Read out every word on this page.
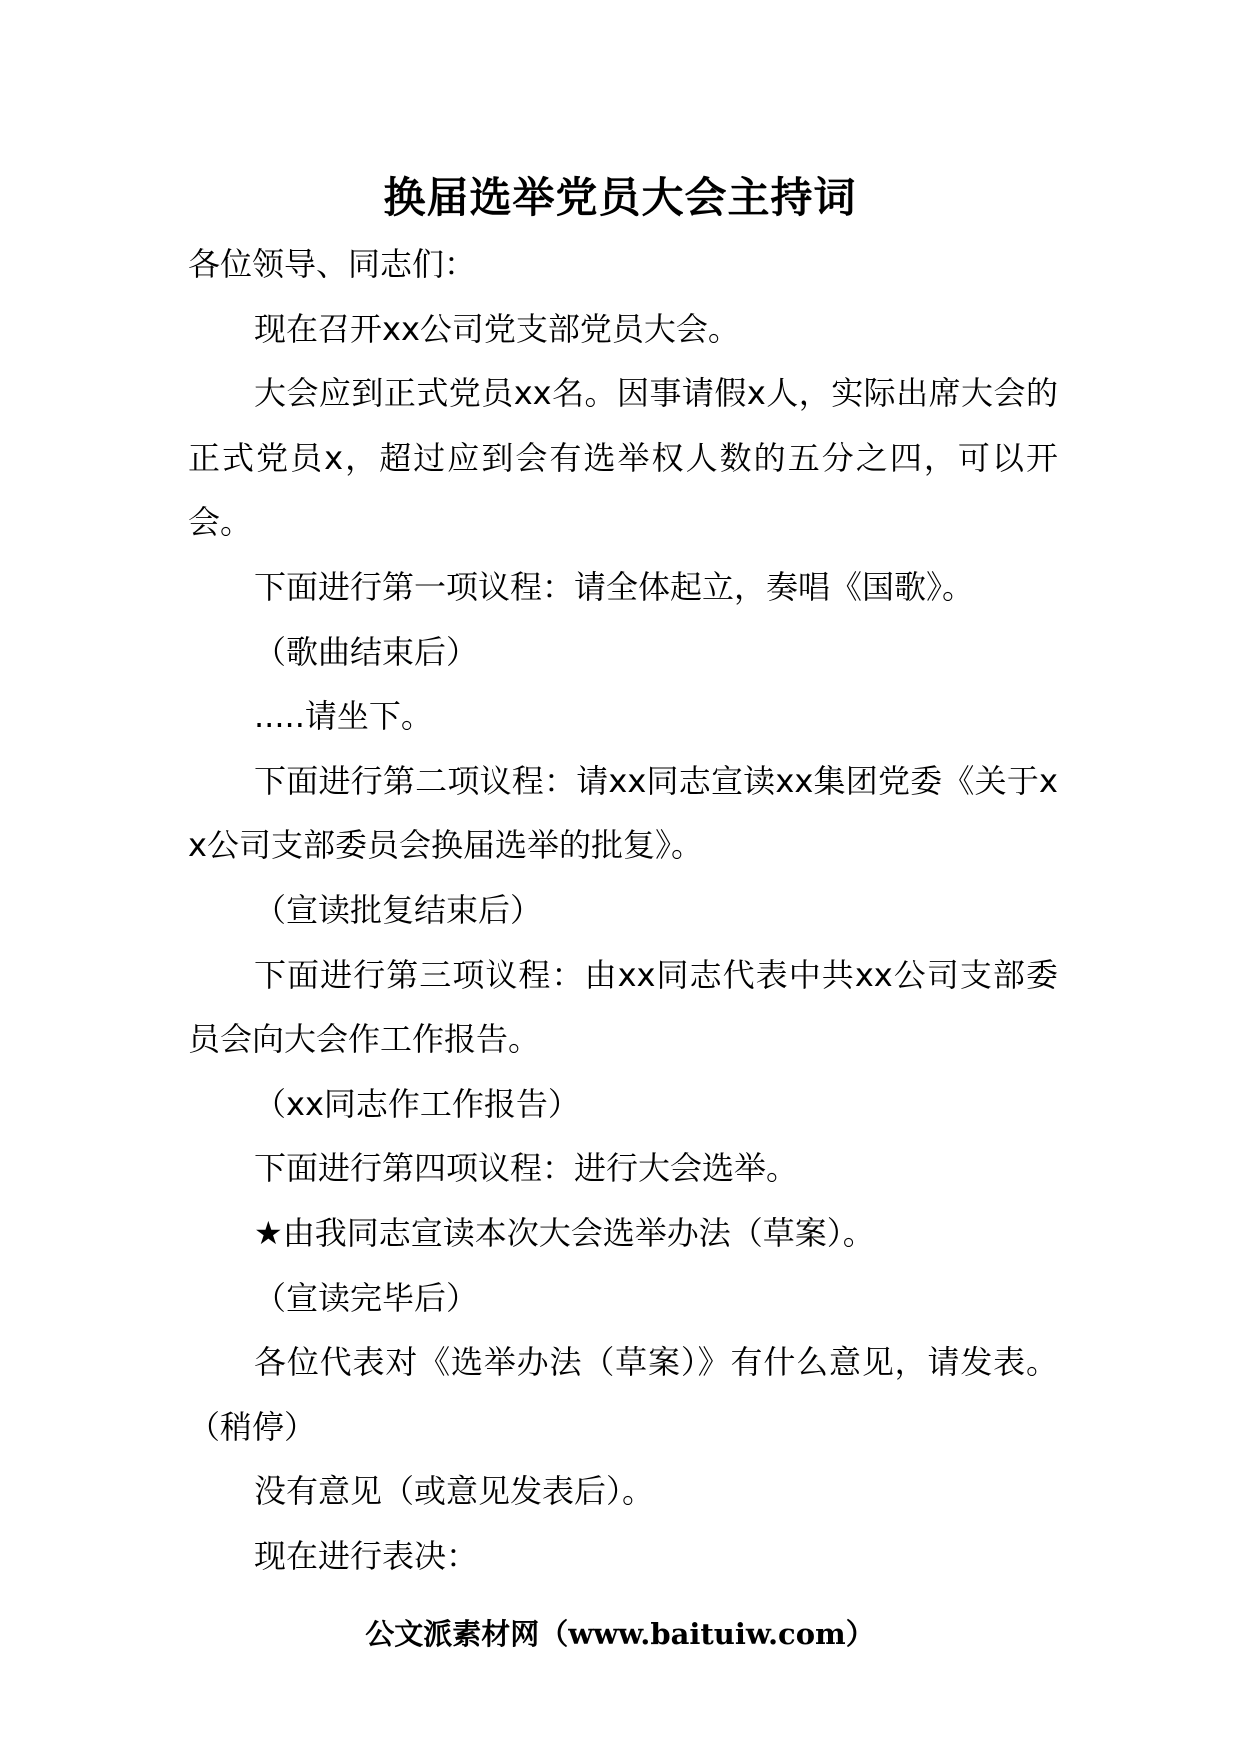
换届选举党员大会主持词

各位领导、同志们：

现在召开xx公司党支部党员大会。

大会应到正式党员xx名。因事请假x人，实际出席大会的正式党员x，超过应到会有选举权人数的五分之四，可以开会。

下面进行第一项议程：请全体起立，奏唱《国歌》。

（歌曲结束后）

.....请坐下。

下面进行第二项议程：请xx同志宣读xx集团党委《关于xx公司支部委员会换届选举的批复》。

（宣读批复结束后）

下面进行第三项议程：由xx同志代表中共xx公司支部委员会向大会作工作报告。

（xx同志作工作报告）

下面进行第四项议程：进行大会选举。

★由我同志宣读本次大会选举办法（草案）。

（宣读完毕后）

各位代表对《选举办法（草案）》有什么意见，请发表。（稍停）

没有意见（或意见发表后）。

现在进行表决：

公文派素材网（www.baituiw.com）
